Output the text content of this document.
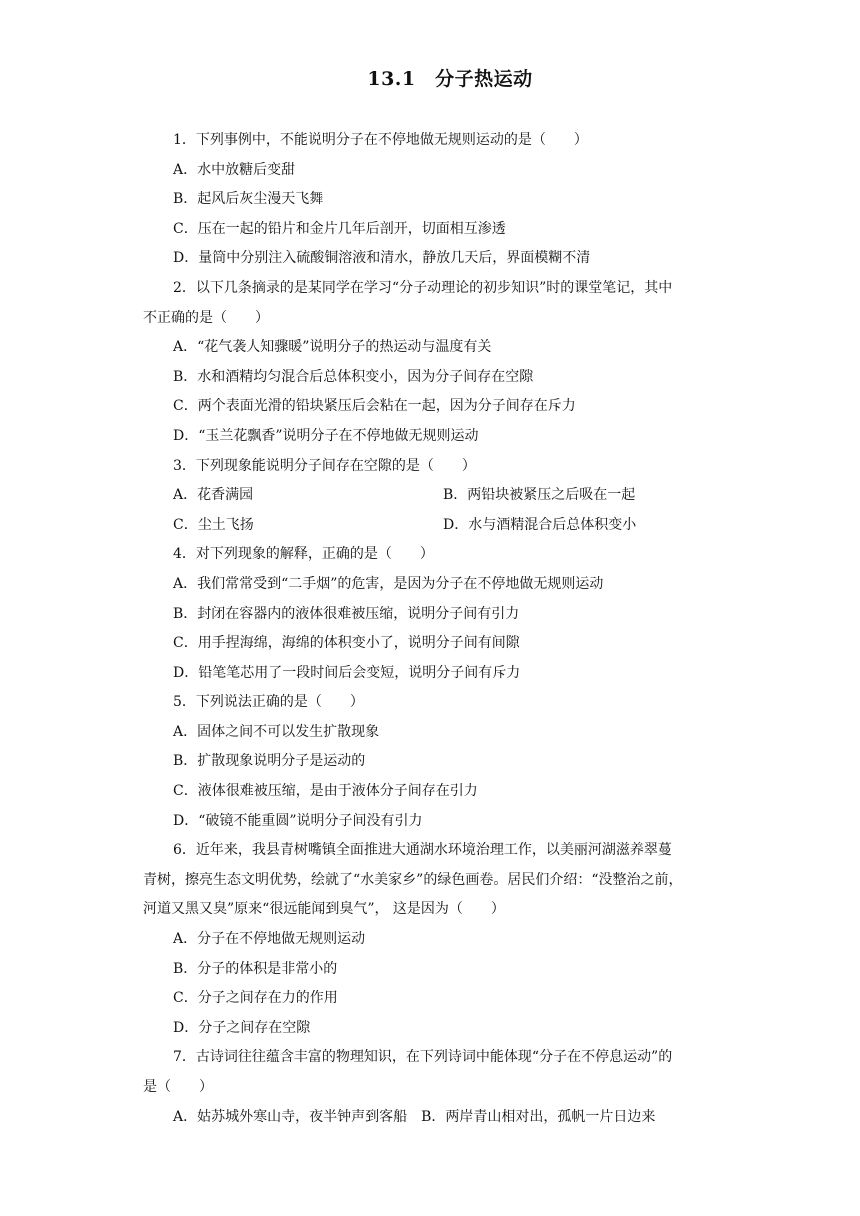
13.1　分子热运动
1．下列事例中，不能说明分子在不停地做无规则运动的是（　　）
A．水中放糖后变甜
B．起风后灰尘漫天飞舞
C．压在一起的铅片和金片几年后剖开，切面相互渗透
D．量筒中分别注入硫酸铜溶液和清水，静放几天后，界面模糊不清
2．以下几条摘录的是某同学在学习“分子动理论的初步知识”时的课堂笔记，其中
不正确的是（　　）
A．“花气袭人知骤暖”说明分子的热运动与温度有关
B．水和酒精均匀混合后总体积变小，因为分子间存在空隙
C．两个表面光滑的铅块紧压后会粘在一起，因为分子间存在斥力
D．“玉兰花飘香”说明分子在不停地做无规则运动
3．下列现象能说明分子间存在空隙的是（　　）
A．花香满园	B．两铅块被紧压之后吸在一起
C．尘土飞扬	D．水与酒精混合后总体积变小
4．对下列现象的解释，正确的是（　　）
A．我们常常受到“二手烟”的危害，是因为分子在不停地做无规则运动
B．封闭在容器内的液体很难被压缩，说明分子间有引力
C．用手捏海绵，海绵的体积变小了，说明分子间有间隙
D．铅笔笔芯用了一段时间后会变短，说明分子间有斥力
5．下列说法正确的是（　　）
A．固体之间不可以发生扩散现象
B．扩散现象说明分子是运动的
C．液体很难被压缩，是由于液体分子间存在引力
D．“破镜不能重圆”说明分子间没有引力
6．近年来，我县青树嘴镇全面推进大通湖水环境治理工作，以美丽河湖滋养翠蔓
青树，擦亮生态文明优势，绘就了“水美家乡”的绿色画卷。居民们介绍：“没整治之前，
河道又黑又臭”原来“很远能闻到臭气”， 这是因为（　　）
A．分子在不停地做无规则运动
B．分子的体积是非常小的
C．分子之间存在力的作用
D．分子之间存在空隙
7．古诗词往往蕴含丰富的物理知识，在下列诗词中能体现“分子在不停息运动”的
是（　　）
A．姑苏城外寒山寺，夜半钟声到客船	B．两岸青山相对出，孤帆一片日边来
